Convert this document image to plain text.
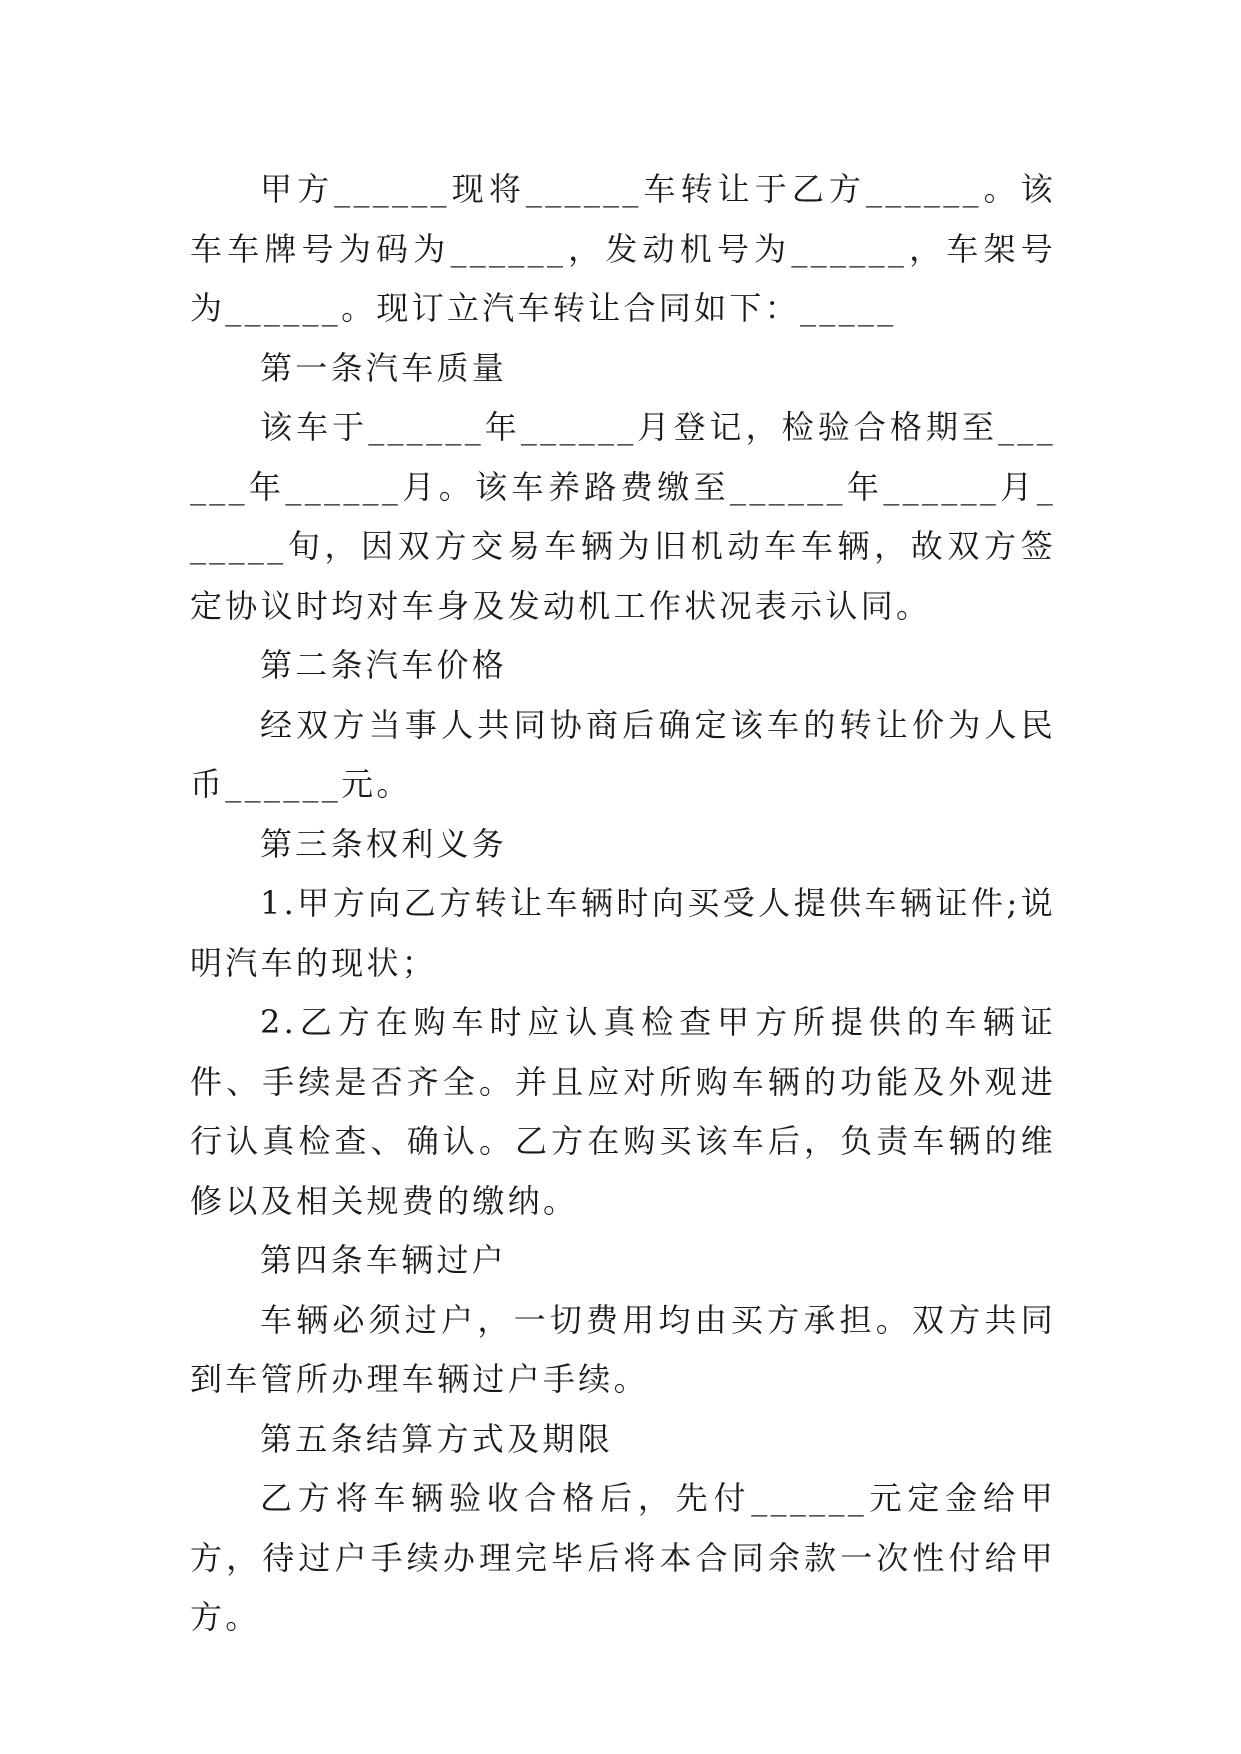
甲方______现将______车转让于乙方______。该车车牌号为码为______，发动机号为______，车架号为______。现订立汽车转让合同如下：_____

第一条汽车质量

该车于______年______月登记，检验合格期至______年______月。该车养路费缴至______年______月______旬，因双方交易车辆为旧机动车车辆，故双方签定协议时均对车身及发动机工作状况表示认同。

第二条汽车价格

经双方当事人共同协商后确定该车的转让价为人民币______元。

第三条权利义务

1.甲方向乙方转让车辆时向买受人提供车辆证件;说明汽车的现状；

2.乙方在购车时应认真检查甲方所提供的车辆证件、手续是否齐全。并且应对所购车辆的功能及外观进行认真检查、确认。乙方在购买该车后，负责车辆的维修以及相关规费的缴纳。

第四条车辆过户

车辆必须过户，一切费用均由买方承担。双方共同到车管所办理车辆过户手续。

第五条结算方式及期限

乙方将车辆验收合格后，先付______元定金给甲方，待过户手续办理完毕后将本合同余款一次性付给甲方。
